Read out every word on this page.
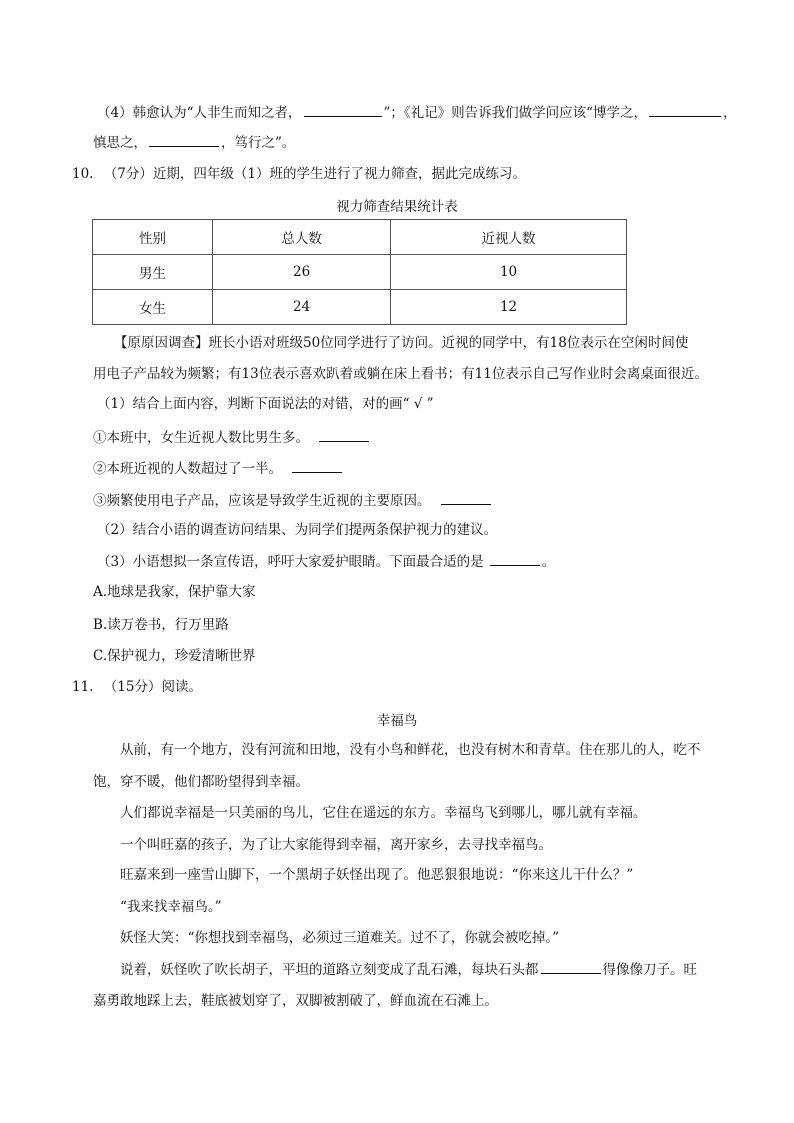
（4）韩愈认为“人非生而知之者，	”；《礼记》则告诉我们做学问应该“博学之，	，
慎思之，	，笃行之”。
10. （7分）近期，四年级（1）班的学生进行了视力筛查，据此完成练习。
视力筛查结果统计表
性别	总人数	近视人数
男生	26	10
女生	24	12
【原原因调查】班长小语对班级50位同学进行了访问。近视的同学中，有18位表示在空闲时间使
用电子产品较为频繁；有13位表示喜欢趴着或躺在床上看书；有11位表示自己写作业时会离桌面很近。
（1）结合上面内容，判断下面说法的对错，对的画“ √ ”
①本班中，女生近视人数比男生多。
②本班近视的人数超过了一半。
③频繁使用电子产品，应该是导致学生近视的主要原因。
（2）结合小语的调查访问结果、为同学们提两条保护视力的建议。
（3）小语想拟一条宣传语，呼吁大家爱护眼睛。下面最合适的是	。
A.地球是我家，保护靠大家
B.读万卷书，行万里路
C.保护视力，珍爱清晰世界
11. （15分）阅读。
幸福鸟
从前，有一个地方，没有河流和田地，没有小鸟和鲜花，也没有树木和青草。住在那儿的人，吃不
饱，穿不暖，他们都盼望得到幸福。
人们都说幸福是一只美丽的鸟儿，它住在遥远的东方。幸福鸟飞到哪儿，哪儿就有幸福。
一个叫旺嘉的孩子，为了让大家能得到幸福，离开家乡，去寻找幸福鸟。
旺嘉来到一座雪山脚下，一个黑胡子妖怪出现了。他恶狠狠地说：“你来这儿干什么？”
“我来找幸福鸟。”
妖怪大笑：“你想找到幸福鸟，必须过三道难关。过不了，你就会被吃掉。”
说着，妖怪吹了吹长胡子，平坦的道路立刻变成了乱石滩，每块石头都	得像像刀子。旺
嘉勇敢地踩上去，鞋底被划穿了，双脚被割破了，鲜血流在石滩上。
